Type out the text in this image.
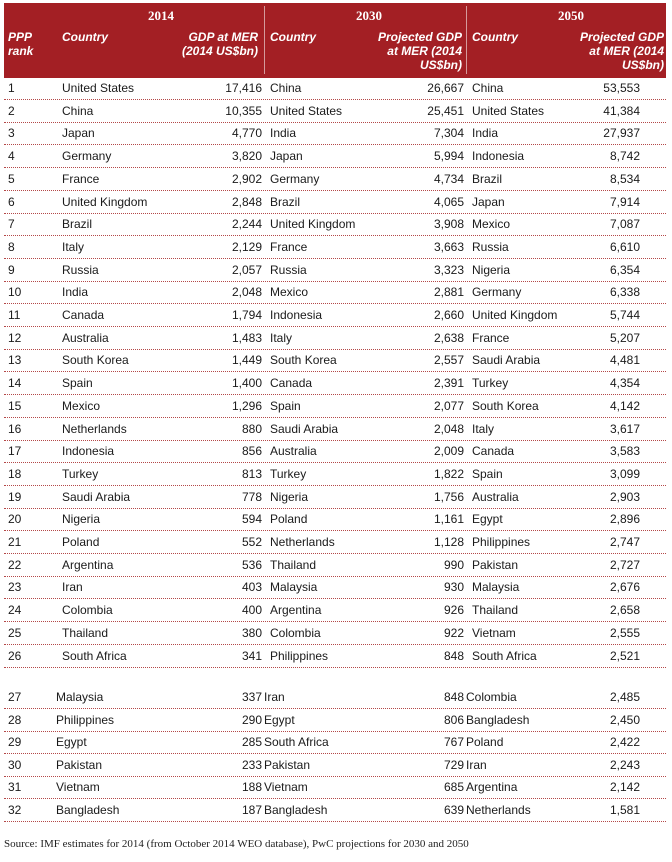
2014	2030	2050
PPP rank
Country	GDP at MER (2014 US$bn)
Country	Projected GDP at MER (2014 US$bn)
Country	Projected GDP at MER (2014 US$bn)
1	United States	17,416 China	26,667 China	53,553
2	China	10,355 United States	25,451 United States	41,384
3	Japan	4,770 India	7,304 India	27,937
4	Germany	3,820 Japan	5,994 Indonesia	8,742
5	France	2,902 Germany	4,734 Brazil	8,534
6	United Kingdom	2,848 Brazil	4,065 Japan	7,914
7	Brazil	2,244 United Kingdom	3,908 Mexico	7,087
8	Italy	2,129 France	3,663 Russia	6,610
9	Russia	2,057 Russia	3,323 Nigeria	6,354
10	India	2,048 Mexico	2,881 Germany	6,338
11	Canada	1,794 Indonesia	2,660 United Kingdom	5,744
12	Australia	1,483 Italy	2,638 France	5,207
13	South Korea	1,449 South Korea	2,557 Saudi Arabia	4,481
14	Spain	1,400 Canada	2,391 Turkey	4,354
15	Mexico	1,296 Spain	2,077 South Korea	4,142
16	Netherlands	880 Saudi Arabia	2,048 Italy	3,617
17	Indonesia	856 Australia	2,009 Canada	3,583
18	Turkey	813 Turkey	1,822 Spain	3,099
19	Saudi Arabia	778 Nigeria	1,756 Australia	2,903
20	Nigeria	594 Poland	1,161 Egypt	2,896
21	Poland	552 Netherlands	1,128 Philippines	2,747
22	Argentina	536 Thailand	990 Pakistan	2,727
23	Iran	403 Malaysia	930 Malaysia	2,676
24	Colombia	400 Argentina	926 Thailand	2,658
25	Thailand	380 Colombia	922 Vietnam	2,555
26	South Africa	341 Philippines	848 South Africa	2,521
27	Malaysia	337 Iran	848 Colombia	2,485
28	Philippines	290 Egypt	806 Bangladesh	2,450
29	Egypt	285 South Africa	767 Poland	2,422
30	Pakistan	233 Pakistan	729 Iran	2,243
31	Vietnam	188 Vietnam	685 Argentina	2,142
32	Bangladesh	187 Bangladesh	639 Netherlands	1,581
Source: IMF estimates for 2014 (from October 2014 WEO database), PwC projections for 2030 and 2050
